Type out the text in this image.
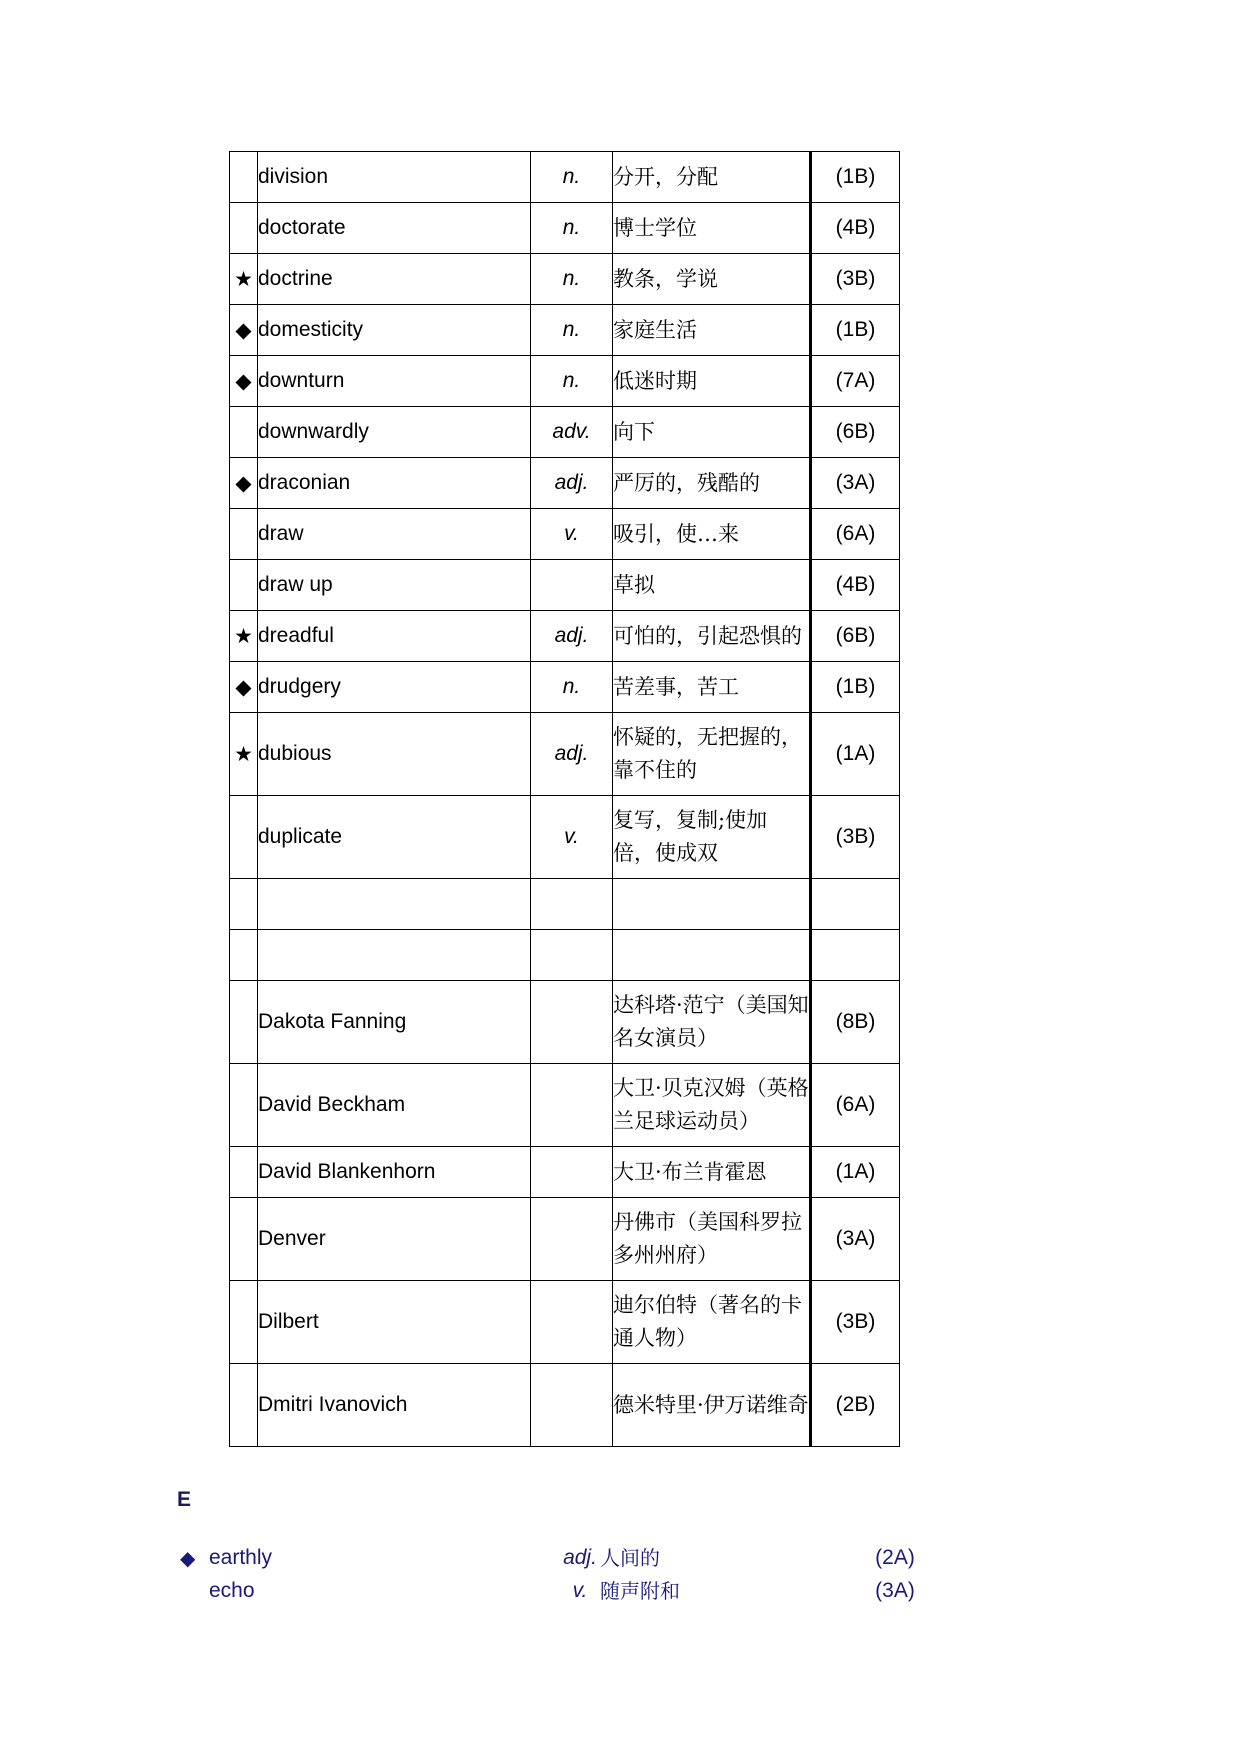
	division	n.	分开，分配	(1B)
	doctorate	n.	博士学位	(4B)
★	doctrine	n.	教条，学说	(3B)
◆	domesticity	n.	家庭生活	(1B)
◆	downturn	n.	低迷时期	(7A)
	downwardly	adv.	向下	(6B)
◆	draconian	adj.	严厉的，残酷的	(3A)
	draw	v.	吸引，使…来	(6A)
	draw up		草拟	(4B)
★	dreadful	adj.	可怕的，引起恐惧的	(6B)
◆	drudgery	n.	苦差事，苦工	(1B)
★	dubious	adj.	怀疑的，无把握的，靠不住的	(1A)
	duplicate	v.	复写，复制;使加倍，使成双	(3B)

	Dakota Fanning		达科塔·范宁（美国知名女演员）	(8B)
	David Beckham		大卫·贝克汉姆（英格兰足球运动员）	(6A)
	David Blankenhorn		大卫·布兰肯霍恩	(1A)
	Denver		丹佛市（美国科罗拉多州州府）	(3A)
	Dilbert		迪尔伯特（著名的卡通人物）	(3B)
	Dmitri Ivanovich		德米特里·伊万诺维奇	(2B)
E
◆ earthly	adj. 人间的	(2A)
echo	v. 随声附和	(3A)
